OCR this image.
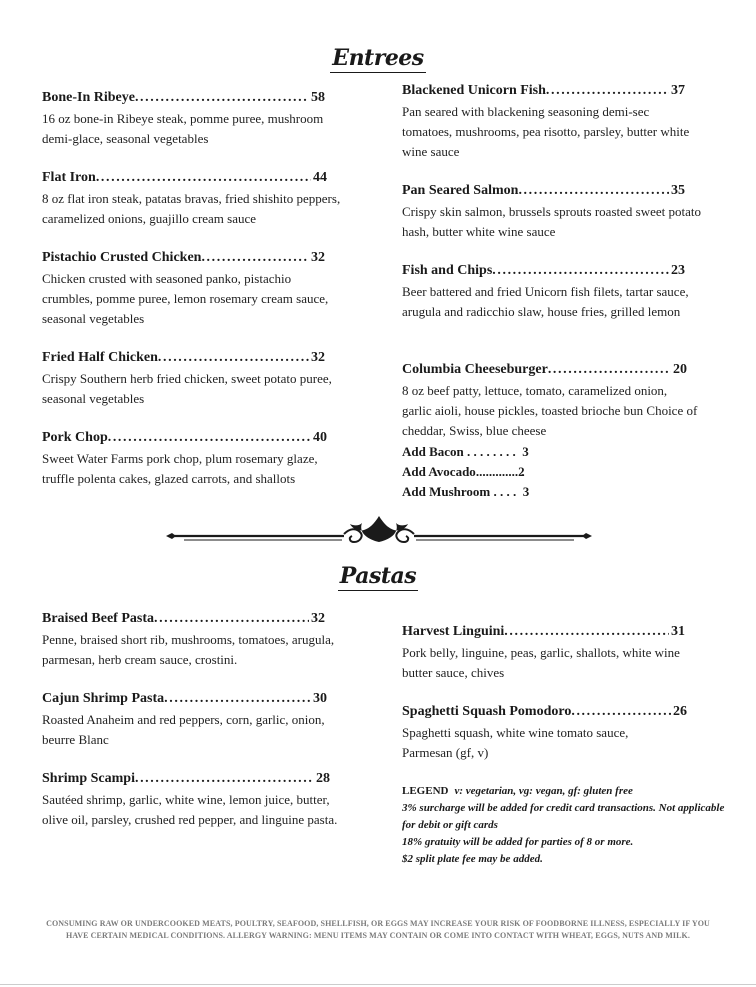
Entrees
Bone-In Ribeye .....	58
16 oz bone-in Ribeye steak, pomme puree, mushroom demi-glace, seasonal vegetables
Flat Iron .....	44
8 oz flat iron steak, patatas bravas, fried shishito peppers, caramelized onions, guajillo cream sauce
Pistachio Crusted Chicken .....	32
Chicken crusted with seasoned panko, pistachio crumbles, pomme puree, lemon rosemary cream sauce, seasonal vegetables
Fried Half Chicken .....	32
Crispy Southern herb fried chicken, sweet potato puree, seasonal vegetables
Pork Chop .....	40
Sweet Water Farms pork chop, plum rosemary glaze, truffle polenta cakes, glazed carrots, and shallots
Blackened Unicorn Fish .....	37
Pan seared with blackening seasoning demi-sec tomatoes, mushrooms, pea risotto, parsley, butter white wine sauce
Pan Seared Salmon .....	35
Crispy skin salmon, brussels sprouts roasted sweet potato hash, butter white wine sauce
Fish and Chips .....	23
Beer battered and fried Unicorn fish filets, tartar sauce, arugula and radicchio slaw, house fries, grilled lemon
Columbia Cheeseburger .....	20
8 oz beef patty, lettuce, tomato, caramelized onion, garlic aioli, house pickles, toasted brioche bun Choice of cheddar, Swiss, blue cheese
Add Bacon . . .	3
Add Avocado . . . . . . 2
Add Mushroom . . . .  3
Pastas
Braised Beef Pasta .....	32
Penne, braised short rib, mushrooms, tomatoes, arugula, parmesan, herb cream sauce, crostini.
Cajun Shrimp Pasta .....	30
Roasted Anaheim and red peppers, corn, garlic, onion, beurre Blanc
Shrimp Scampi .....	28
Sautéed shrimp, garlic, white wine, lemon juice, butter, olive oil, parsley, crushed red pepper, and linguine pasta.
Harvest Linguini .....	31
Pork belly, linguine, peas, garlic, shallots, white wine butter sauce, chives
Spaghetti Squash Pomodoro .....	26
Spaghetti squash, white wine tomato sauce, Parmesan (gf, v)
LEGEND v: vegetarian, vg: vegan, gf: gluten free
3% surcharge will be added for credit card transactions. Not applicable for debit or gift cards
18% gratuity will be added for parties of 8 or more.
$2 split plate fee may be added.
CONSUMING RAW OR UNDERCOOKED MEATS, POULTRY, SEAFOOD, SHELLFISH, OR EGGS MAY INCREASE YOUR RISK OF FOODBORNE ILLNESS, ESPECIALLY IF YOU HAVE CERTAIN MEDICAL CONDITIONS. ALLERGY WARNING: MENU ITEMS MAY CONTAIN OR COME INTO CONTACT WITH WHEAT, EGGS, NUTS AND MILK.
